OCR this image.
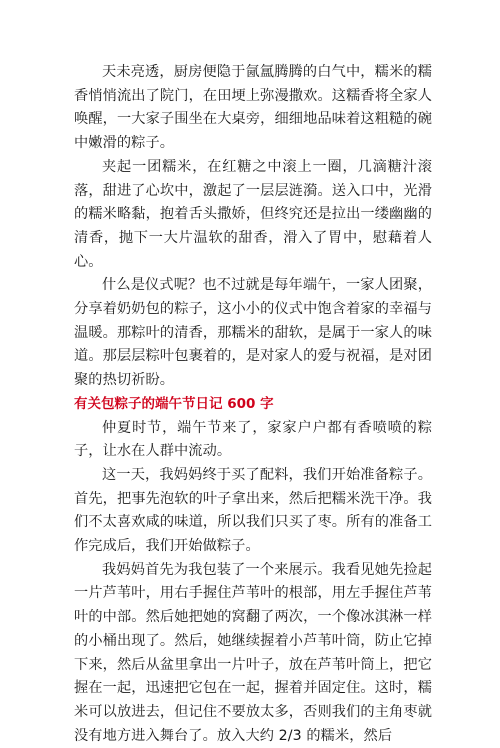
天未亮透，厨房便隐于氤氲腾腾的白气中，糯米的糯香悄悄流出了院门，在田埂上弥漫撒欢。这糯香将全家人唤醒，一大家子围坐在大桌旁，细细地品味着这粗糙的碗中嫩滑的粽子。

夹起一团糯米，在红糖之中滚上一圈，几滴糖汁滚落，甜进了心坎中，激起了一层层涟漪。送入口中，光滑的糯米略黏，抱着舌头撒娇，但终究还是拉出一缕幽幽的清香，抛下一大片温软的甜香，滑入了胃中，慰藉着人心。

什么是仪式呢？也不过就是每年端午，一家人团聚，分享着奶奶包的粽子，这小小的仪式中饱含着家的幸福与温暖。那粽叶的清香，那糯米的甜软，是属于一家人的味道。那层层粽叶包裹着的，是对家人的爱与祝福，是对团聚的热切祈盼。

有关包粽子的端午节日记 600 字

仲夏时节，端午节来了，家家户户都有香喷喷的粽子，让水在人群中流动。

这一天，我妈妈终于买了配料，我们开始准备粽子。首先，把事先泡软的叶子拿出来，然后把糯米洗干净。我们不太喜欢咸的味道，所以我们只买了枣。所有的准备工作完成后，我们开始做粽子。

我妈妈首先为我包装了一个来展示。我看见她先捡起一片芦苇叶，用右手握住芦苇叶的根部，用左手握住芦苇叶的中部。然后她把她的窝翻了两次，一个像冰淇淋一样的小桶出现了。然后，她继续握着小芦苇叶筒，防止它掉下来，然后从盆里拿出一片叶子，放在芦苇叶筒上，把它握在一起，迅速把它包在一起，握着并固定住。这时，糯米可以放进去，但记住不要放太多，否则我们的主角枣就没有地方进入舞台了。放入大约 2/3 的糯米，然后
